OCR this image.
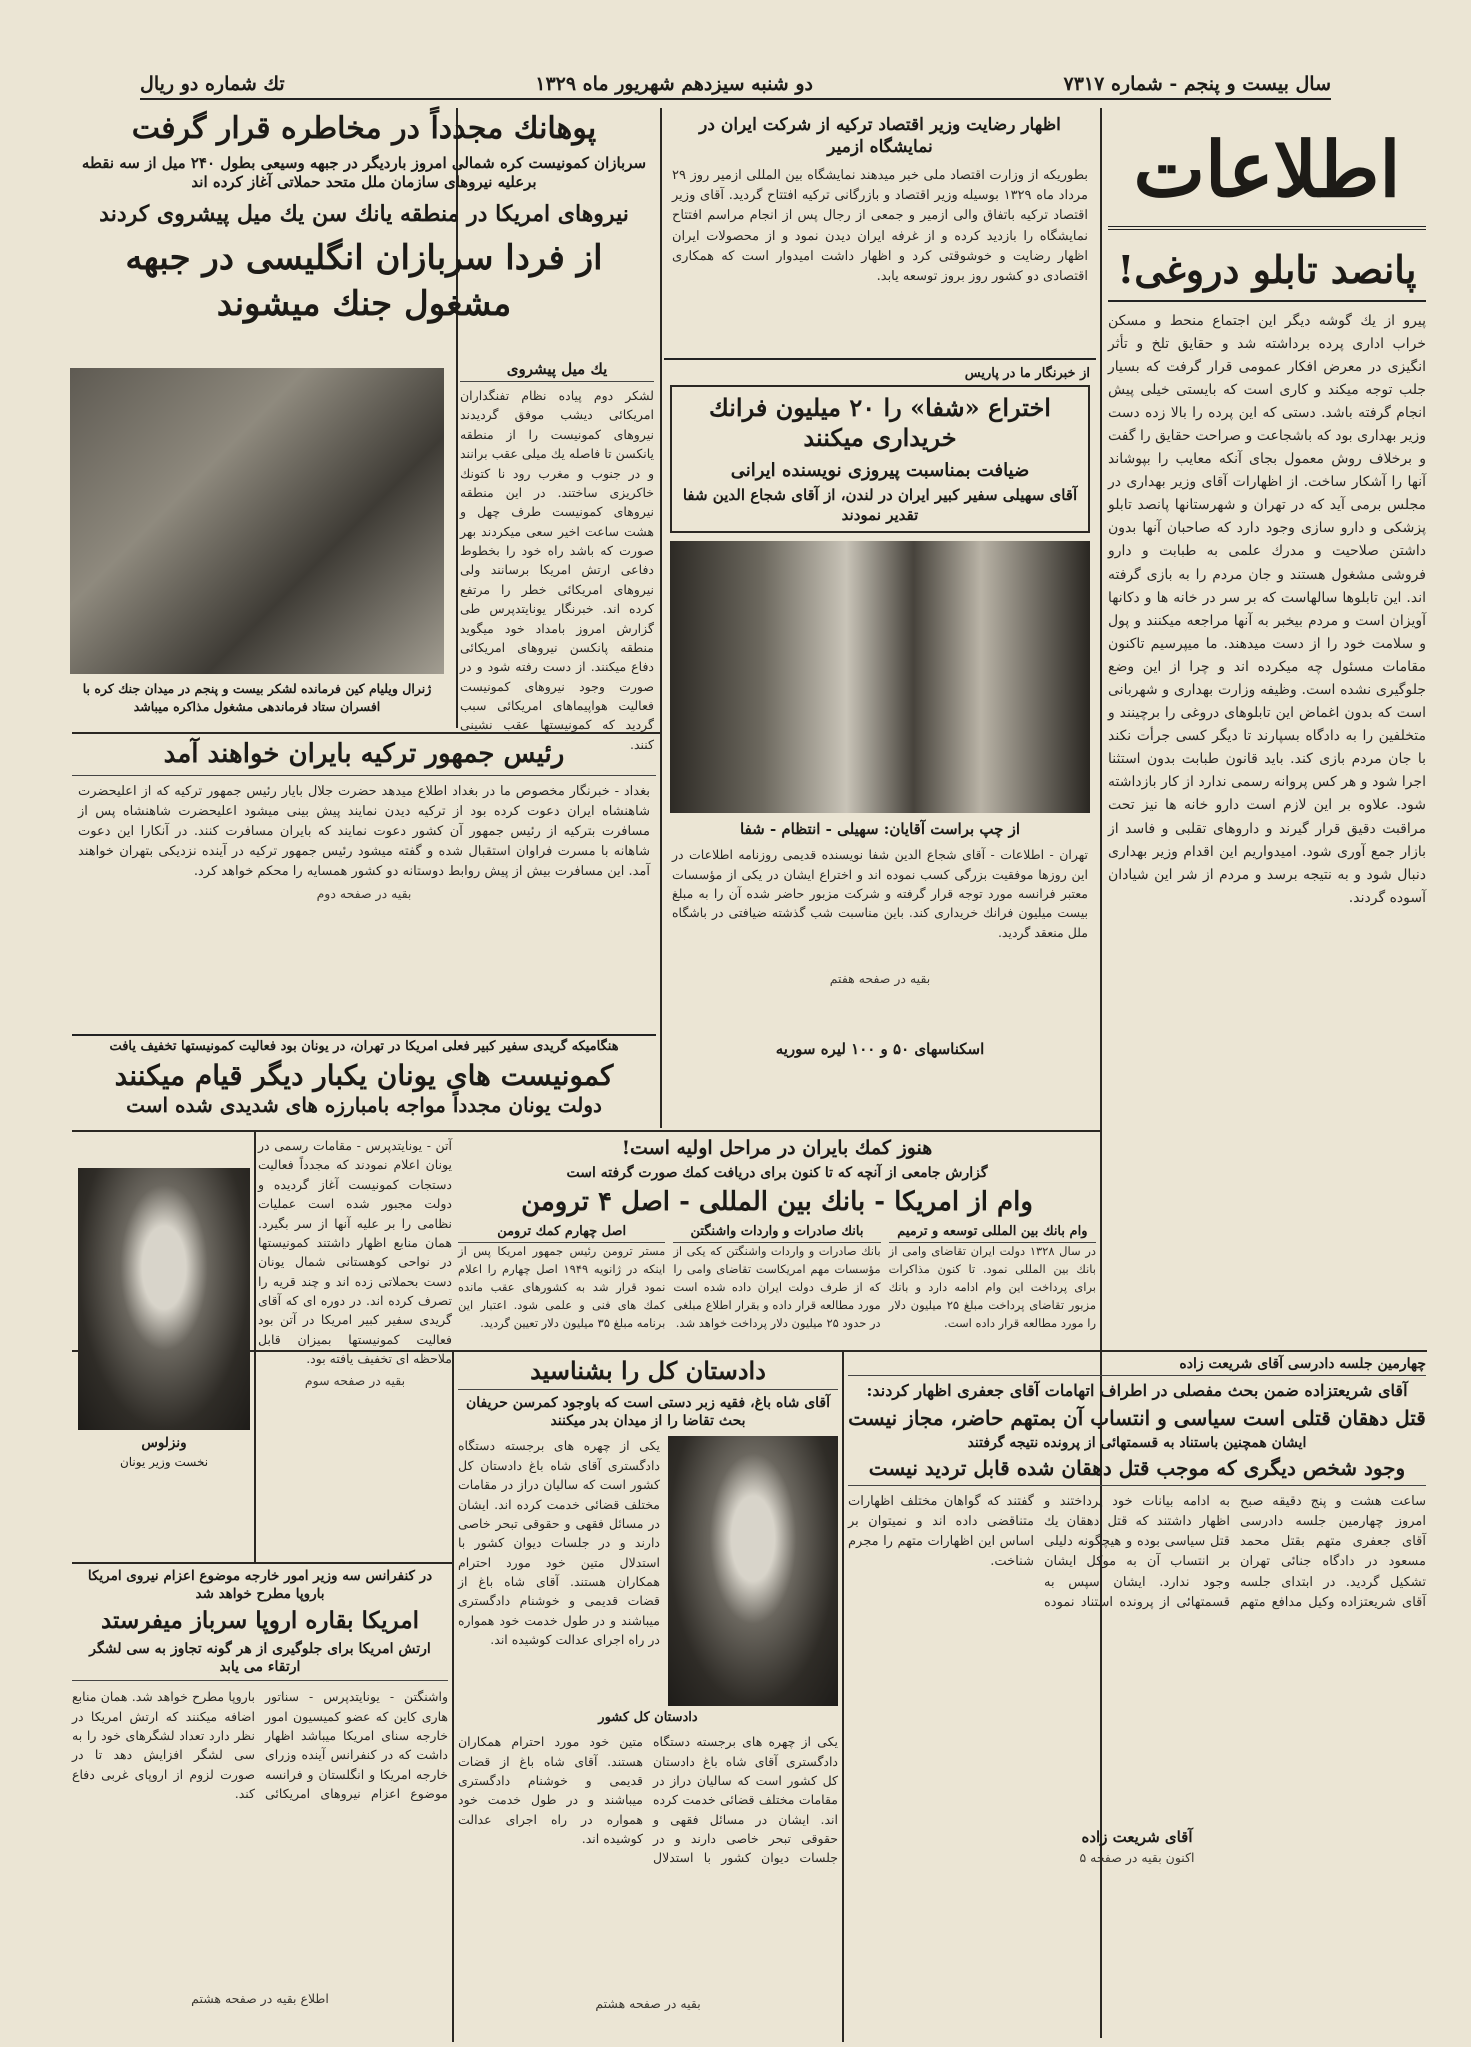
سال بیست و پنجم - شماره ۷۳۱۷
دو شنبه سیزدهم شهریور ماه ۱۳۲۹
تك شماره دو ریال
اطلاعات
پانصد تابلو دروغی!
پیرو از یك گوشه دیگر این اجتماع منحط و مسكن خراب اداری پرده برداشته شد و حقایق تلخ و تأثر انگیزی در معرض افكار عمومی قرار گرفت كه بسیار جلب توجه میكند و كاری است كه بایستی خیلی پیش انجام گرفته باشد. دستی كه این پرده را بالا زده دست وزیر بهداری بود كه باشجاعت و صراحت حقایق را گفت و برخلاف روش معمول بجای آنكه معایب را بپوشاند آنها را آشكار ساخت. از اظهارات آقای وزیر بهداری در مجلس برمی آید كه در تهران و شهرستانها پانصد تابلو پزشكی و دارو سازی وجود دارد كه صاحبان آنها بدون داشتن صلاحیت و مدرك علمی به طبابت و دارو فروشی مشغول هستند و جان مردم را به بازی گرفته اند. این تابلوها سالهاست كه بر سر در خانه ها و دكانها آویزان است و مردم بیخبر به آنها مراجعه میكنند و پول و سلامت خود را از دست میدهند. ما میپرسیم تاكنون مقامات مسئول چه میكرده اند و چرا از این وضع جلوگیری نشده است. وظیفه وزارت بهداری و شهربانی است كه بدون اغماض این تابلوهای دروغی را برچینند و متخلفین را به دادگاه بسپارند تا دیگر كسی جرأت نكند با جان مردم بازی كند. باید قانون طبابت بدون استثنا اجرا شود و هر كس پروانه رسمی ندارد از كار بازداشته شود. علاوه بر این لازم است دارو خانه ها نیز تحت مراقبت دقیق قرار گیرند و داروهای تقلبی و فاسد از بازار جمع آوری شود. امیدواریم این اقدام وزیر بهداری دنبال شود و به نتیجه برسد و مردم از شر این شیادان آسوده گردند.
پوهانك مجدداً در مخاطره قرار گرفت
سربازان كمونیست كره شمالی امروز باردیگر در جبهه وسیعی بطول ۲۴۰ میل از سه نقطه برعلیه نیروهای سازمان ملل متحد حملاتی آغاز كرده اند
نیروهای امریكا در منطقه یانك سن یك میل پیشروی كردند
از فردا سربازان انگلیسی در جبهه مشغول جنك میشوند
ژنرال ویلیام كین فرمانده لشكر بیست و پنجم در میدان جنك كره با افسران ستاد فرماندهی مشغول مذاكره میباشد
یك میل پیشروی
لشكر دوم پیاده نظام تفنگداران امریكائی دیشب موفق گردیدند نیروهای كمونیست را از منطقه یانكسن تا فاصله یك میلی عقب برانند و در جنوب و مغرب رود نا كتونك خاكریزی ساختند. در این منطقه نیروهای كمونیست طرف چهل و هشت ساعت اخیر سعی میكردند بهر صورت كه باشد راه خود را بخطوط دفاعی ارتش امریكا برسانند ولی نیروهای امریكائی خطر را مرتفع كرده اند. خبرنگار یونایتدپرس طی گزارش امروز بامداد خود میگوید منطقه پانكسن نیروهای امریكائی دفاع میكنند. از دست رفته شود و در صورت وجود نیروهای كمونیست فعالیت هواپیماهای امریكائی سبب گردید كه كمونیستها عقب نشینی كنند.
اظهار رضایت وزیر اقتصاد تركیه از شركت ایران در نمایشگاه ازمیر
بطوریكه از وزارت اقتصاد ملی خبر میدهند نمایشگاه بین المللی ازمیر روز ۲۹ مرداد ماه ۱۳۲۹ بوسیله وزیر اقتصاد و بازرگانی تركیه افتتاح گردید. آقای وزیر اقتصاد تركیه باتفاق والی ازمیر و جمعی از رجال پس از انجام مراسم افتتاح نمایشگاه را بازدید كرده و از غرفه ایران دیدن نمود و از محصولات ایران اظهار رضایت و خوشوقتی كرد و اظهار داشت امیدوار است كه همكاری اقتصادی دو كشور روز بروز توسعه یابد.
از خبرنگار ما در پاریس
اختراع «شفا» را ۲۰ میلیون فرانك خریداری میكنند
ضیافت بمناسبت پیروزی نویسنده ایرانی
آقای سهیلی سفیر كبیر ایران در لندن، از آقای شجاع الدین شفا تقدیر نمودند
از چپ براست آقایان: سهیلی - انتظام - شفا
تهران - اطلاعات - آقای شجاع الدین شفا نویسنده قدیمی روزنامه اطلاعات در این روزها موفقیت بزرگی كسب نموده اند و اختراع ایشان در یكی از مؤسسات معتبر فرانسه مورد توجه قرار گرفته و شركت مزبور حاضر شده آن را به مبلغ بیست میلیون فرانك خریداری كند. باین مناسبت شب گذشته ضیافتی در باشگاه ملل منعقد گردید.
بقیه در صفحه هفتم
رئیس جمهور تركیه بایران خواهند آمد
بغداد - خبرنگار مخصوص ما در بغداد اطلاع میدهد حضرت جلال بایار رئیس جمهور تركیه كه از اعلیحضرت شاهنشاه ایران دعوت كرده بود از تركیه دیدن نمایند پیش بینی میشود اعلیحضرت شاهنشاه پس از مسافرت بتركیه از رئیس جمهور آن كشور دعوت نمایند كه بایران مسافرت كنند. در آنكارا این دعوت شاهانه با مسرت فراوان استقبال شده و گفته میشود رئیس جمهور تركیه در آینده نزدیكی بتهران خواهند آمد. این مسافرت بیش از پیش روابط دوستانه دو كشور همسایه را محكم خواهد كرد.
بقیه در صفحه دوم
هنگامیكه گریدی سفیر كبیر فعلی امریكا در تهران، در یونان بود فعالیت كمونیستها تخفیف یافت
كمونیست های یونان یكبار دیگر قیام میكنند
دولت یونان مجدداً مواجه بامبارزه های شدیدی شده است
اسكناسهای ۵۰ و ۱۰۰ لیره سوریه
هنوز كمك بایران در مراحل اولیه است!
گزارش جامعی از آنچه كه تا كنون برای دریافت كمك صورت گرفته است
وام از امریكا - بانك بین المللی - اصل ۴ ترومن
وام بانك بین المللی توسعه و ترمیم
در سال ۱۳۲۸ دولت ایران تقاضای وامی از بانك بین المللی نمود. تا كنون مذاكرات برای پرداخت این وام ادامه دارد و بانك مزبور تقاضای پرداخت مبلغ ۲۵ میلیون دلار را مورد مطالعه قرار داده است.
بانك صادرات و واردات واشنگتن
بانك صادرات و واردات واشنگتن كه یكی از مؤسسات مهم امریكاست تقاضای وامی را كه از طرف دولت ایران داده شده است مورد مطالعه قرار داده و بقرار اطلاع مبلغی در حدود ۲۵ میلیون دلار پرداخت خواهد شد.
اصل چهارم كمك ترومن
مستر ترومن رئیس جمهور امریكا پس از اینكه در ژانویه ۱۹۴۹ اصل چهارم را اعلام نمود قرار شد به كشورهای عقب مانده كمك های فنی و علمی شود. اعتبار این برنامه مبلغ ۳۵ میلیون دلار تعیین گردید.
ونزلوس
نخست وزیر یونان
آتن - یونایتدپرس - مقامات رسمی در یونان اعلام نمودند كه مجدداً فعالیت دستجات كمونیست آغاز گردیده و دولت مجبور شده است عملیات نظامی را بر علیه آنها از سر بگیرد. همان منابع اظهار داشتند كمونیستها در نواحی كوهستانی شمال یونان دست بحملاتی زده اند و چند قریه را تصرف كرده اند. در دوره ای كه آقای گریدی سفیر كبیر امریكا در آتن بود فعالیت كمونیستها بمیزان قابل ملاحظه ای تخفیف یافته بود.
بقیه در صفحه سوم
چهارمین جلسه دادرسی آقای شریعت زاده
آقای شریعتزاده ضمن بحث مفصلی در اطراف اتهامات آقای جعفری اظهار كردند:
قتل دهقان قتلی است سیاسی و انتساب آن بمتهم حاضر، مجاز نیست
ایشان همچنین باستناد به قسمتهائی از پرونده نتیجه گرفتند
وجود شخص دیگری كه موجب قتل دهقان شده قابل تردید نیست
ساعت هشت و پنج دقیقه صبح امروز چهارمین جلسه دادرسی آقای جعفری متهم بقتل محمد مسعود در دادگاه جنائی تهران تشكیل گردید. در ابتدای جلسه آقای شریعتزاده وكیل مدافع متهم به ادامه بیانات خود پرداختند و اظهار داشتند كه قتل دهقان یك قتل سیاسی بوده و هیچگونه دلیلی بر انتساب آن به موكل ایشان وجود ندارد. ایشان سپس به قسمتهائی از پرونده استناد نموده گفتند كه گواهان مختلف اظهارات متناقضی داده اند و نمیتوان بر اساس این اظهارات متهم را مجرم شناخت.
آقای شریعت زاده
اكنون بقیه در صفحه ۵
دادستان كل را بشناسید
آقای شاه باغ، فقیه زبر دستی است كه باوجود كمرسن حریفان بحث تقاضا را از میدان بدر میكنند
یكی از چهره های برجسته دستگاه دادگستری آقای شاه باغ دادستان كل كشور است كه سالیان دراز در مقامات مختلف قضائی خدمت كرده اند. ایشان در مسائل فقهی و حقوقی تبحر خاصی دارند و در جلسات دیوان كشور با استدلال متین خود مورد احترام همكاران هستند. آقای شاه باغ از قضات قدیمی و خوشنام دادگستری میباشند و در طول خدمت خود همواره در راه اجرای عدالت كوشیده اند.
دادستان كل كشور
یكی از چهره های برجسته دستگاه دادگستری آقای شاه باغ دادستان كل كشور است كه سالیان دراز در مقامات مختلف قضائی خدمت كرده اند. ایشان در مسائل فقهی و حقوقی تبحر خاصی دارند و در جلسات دیوان كشور با استدلال متین خود مورد احترام همكاران هستند. آقای شاه باغ از قضات قدیمی و خوشنام دادگستری میباشند و در طول خدمت خود همواره در راه اجرای عدالت كوشیده اند.
بقیه در صفحه هشتم
در كنفرانس سه وزیر امور خارجه موضوع اعزام نیروی امریكا باروپا مطرح خواهد شد
امریكا بقاره اروپا سرباز میفرستد
ارتش امریكا برای جلوگیری از هر گونه تجاوز به سی لشگر ارتقاء می یابد
واشنگتن - یونایتدپرس - سناتور هاری كاین كه عضو كمیسیون امور خارجه سنای امریكا میباشد اظهار داشت كه در كنفرانس آینده وزرای خارجه امریكا و انگلستان و فرانسه موضوع اعزام نیروهای امریكائی باروپا مطرح خواهد شد. همان منابع اضافه میكنند كه ارتش امریكا در نظر دارد تعداد لشگرهای خود را به سی لشگر افزایش دهد تا در صورت لزوم از اروپای غربی دفاع كند.
اطلاع بقیه در صفحه هشتم
